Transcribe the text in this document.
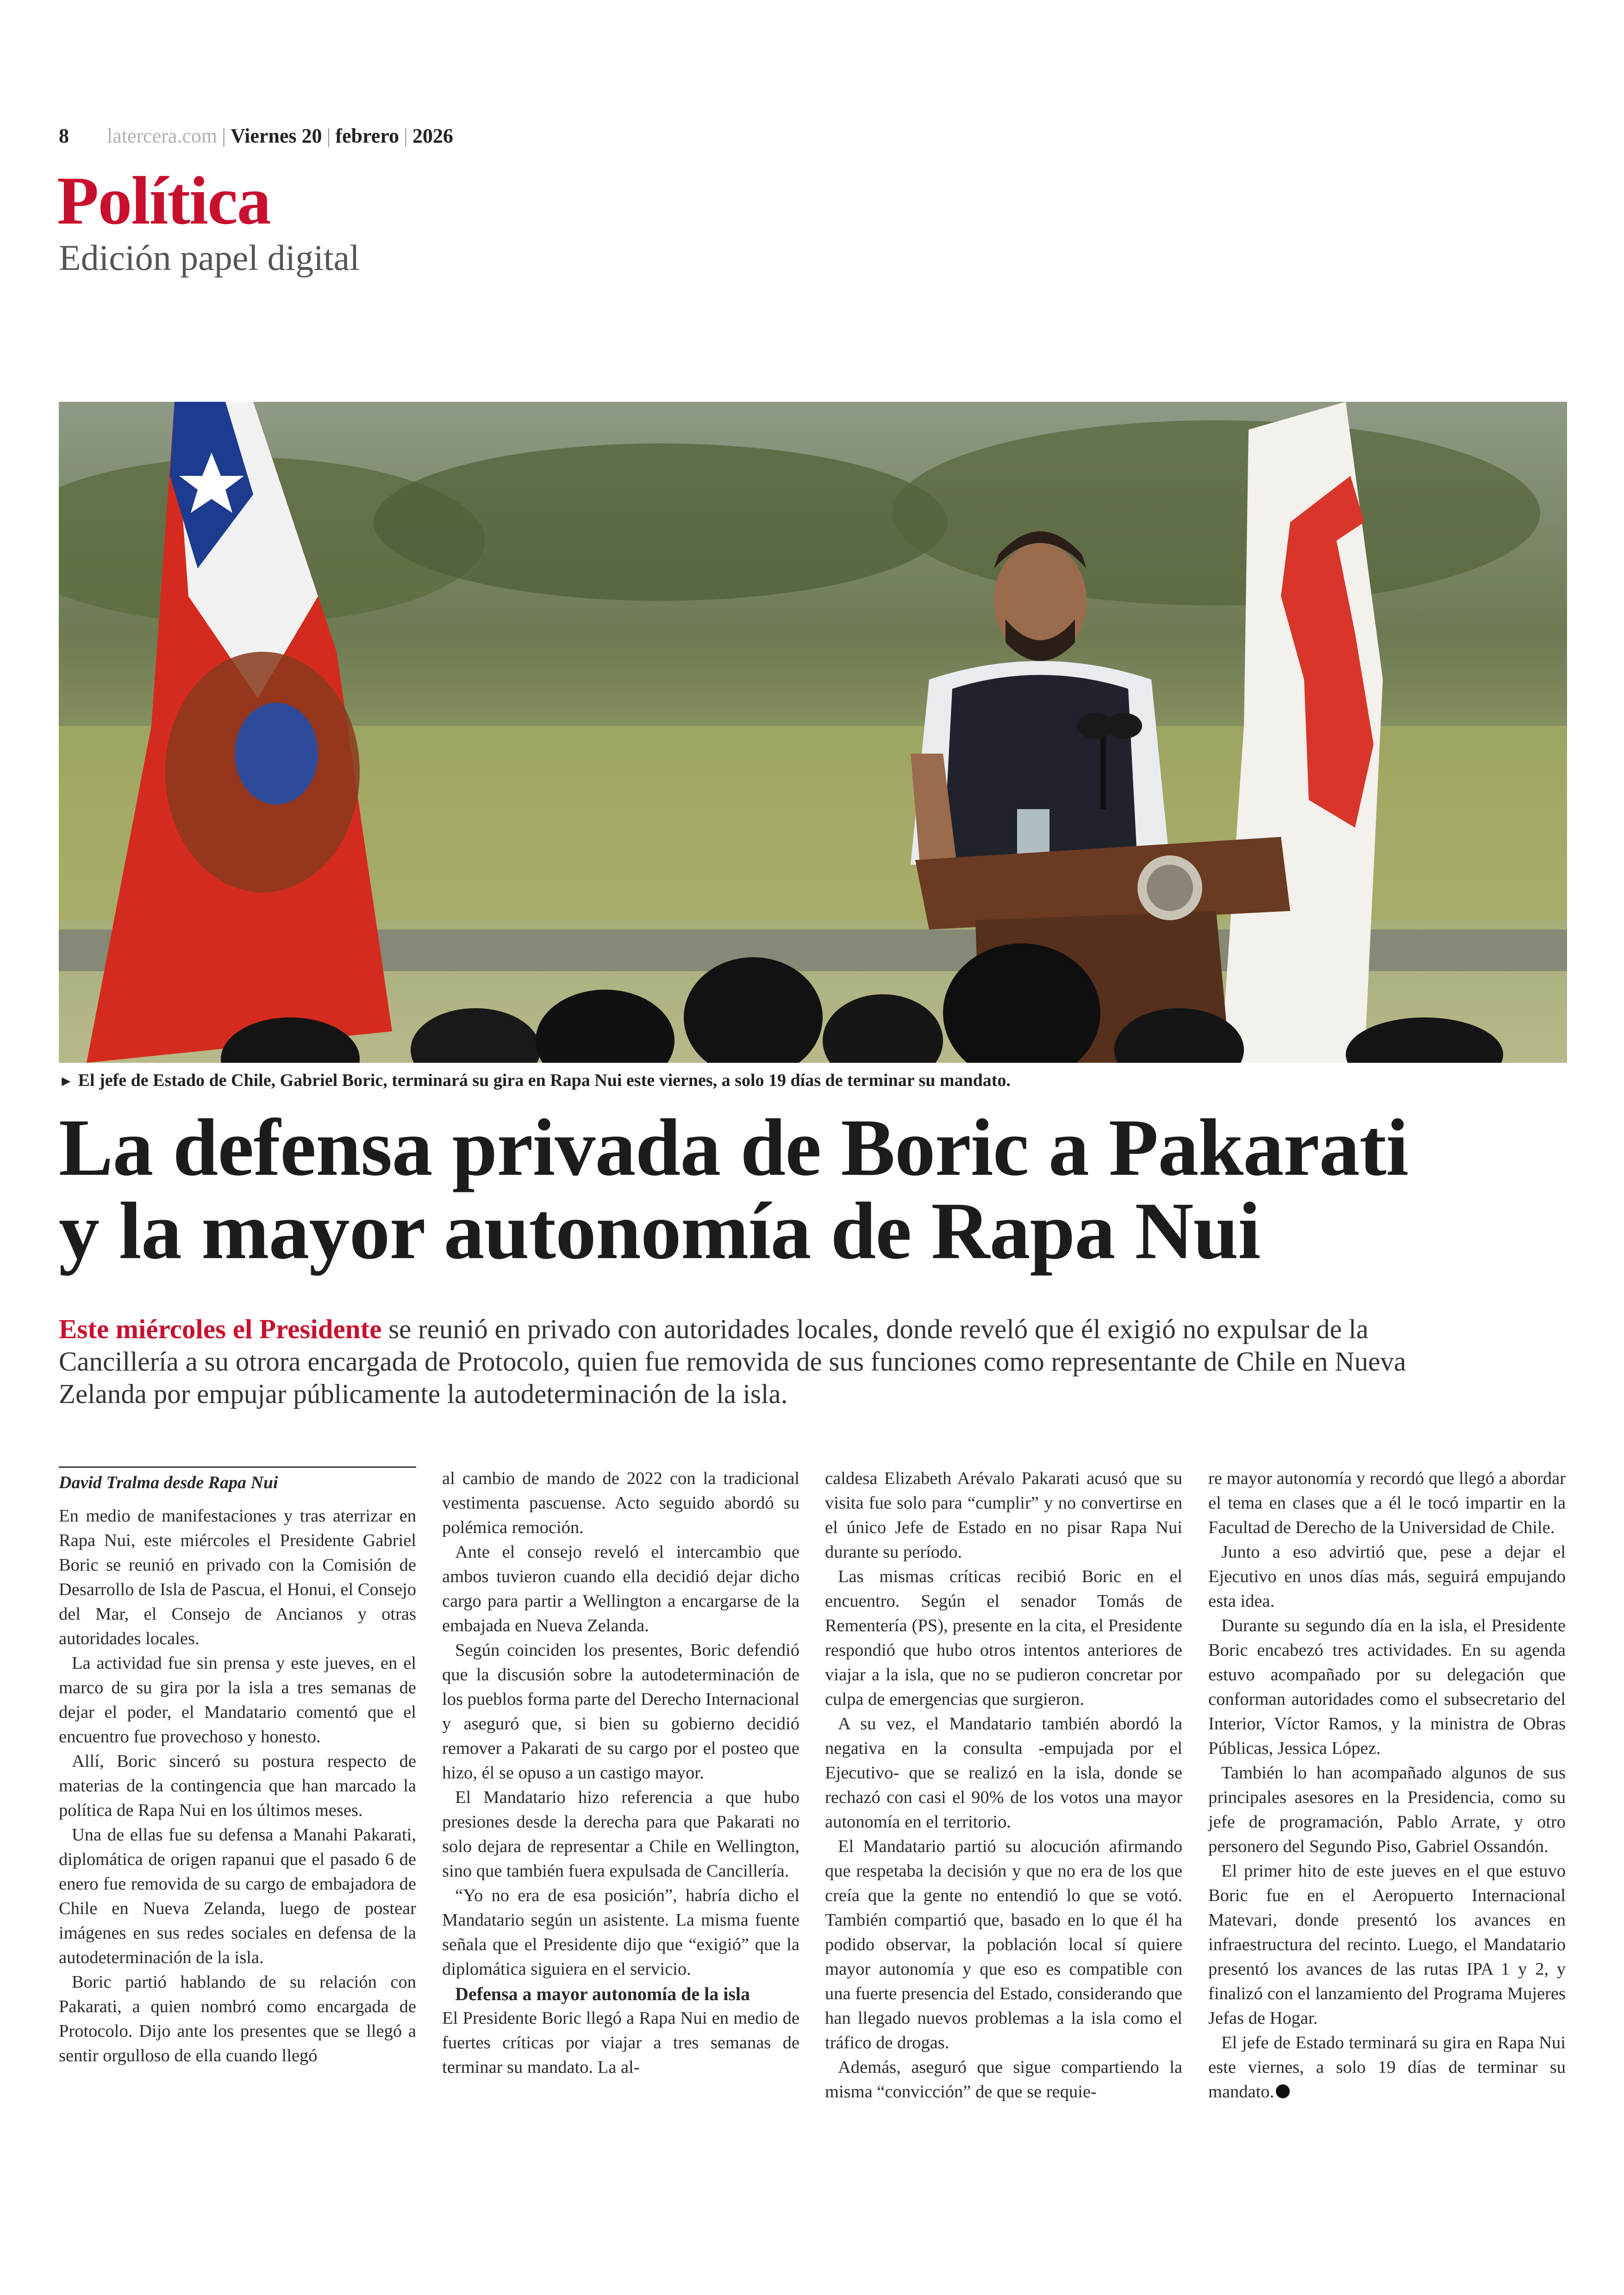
8 latercera.com | Viernes 20 | febrero | 2026
Política
Edición papel digital
► El jefe de Estado de Chile, Gabriel Boric, terminará su gira en Rapa Nui este viernes, a solo 19 días de terminar su mandato.
La defensa privada de Boric a Pakarati
y la mayor autonomía de Rapa Nui
Este miércoles el Presidente se reunió en privado con autoridades locales, donde reveló que él exigió no expulsar de la Cancillería a su otrora encargada de Protocolo, quien fue removida de sus funciones como representante de Chile en Nueva Zelanda por empujar públicamente la autodeterminación de la isla.
David Tralma desde Rapa Nui

En medio de manifestaciones y tras aterrizar en Rapa Nui, este miércoles el Presidente Gabriel Boric se reunió en privado con la Comisión de Desarrollo de Isla de Pascua, el Honui, el Consejo del Mar, el Consejo de Ancianos y otras autoridades locales.

La actividad fue sin prensa y este jueves, en el marco de su gira por la isla a tres semanas de dejar el poder, el Mandatario comentó que el encuentro fue provechoso y honesto.

Allí, Boric sinceró su postura respecto de materias de la contingencia que han marcado la política de Rapa Nui en los últimos meses.

Una de ellas fue su defensa a Manahi Pakarati, diplomática de origen rapanui que el pasado 6 de enero fue removida de su cargo de embajadora de Chile en Nueva Zelanda, luego de postear imágenes en sus redes sociales en defensa de la autodeterminación de la isla.

Boric partió hablando de su relación con Pakarati, a quien nombró como encargada de Protocolo. Dijo ante los presentes que se llegó a sentir orgulloso de ella cuando llegó

al cambio de mando de 2022 con la tradicional vestimenta pascuense. Acto seguido abordó su polémica remoción.

Ante el consejo reveló el intercambio que ambos tuvieron cuando ella decidió dejar dicho cargo para partir a Wellington a encargarse de la embajada en Nueva Zelanda.

Según coinciden los presentes, Boric defendió que la discusión sobre la autodeterminación de los pueblos forma parte del Derecho Internacional y aseguró que, si bien su gobierno decidió remover a Pakarati de su cargo por el posteo que hizo, él se opuso a un castigo mayor.

El Mandatario hizo referencia a que hubo presiones desde la derecha para que Pakarati no solo dejara de representar a Chile en Wellington, sino que también fuera expulsada de Cancillería.

“Yo no era de esa posición”, habría dicho el Mandatario según un asistente. La misma fuente señala que el Presidente dijo que “exigió” que la diplomática siguiera en el servicio.

Defensa a mayor autonomía de la isla

El Presidente Boric llegó a Rapa Nui en medio de fuertes críticas por viajar a tres semanas de terminar su mandato. La al-

caldesa Elizabeth Arévalo Pakarati acusó que su visita fue solo para “cumplir” y no convertirse en el único Jefe de Estado en no pisar Rapa Nui durante su período.

Las mismas críticas recibió Boric en el encuentro. Según el senador Tomás de Rementería (PS), presente en la cita, el Presidente respondió que hubo otros intentos anteriores de viajar a la isla, que no se pudieron concretar por culpa de emergencias que surgieron.

A su vez, el Mandatario también abordó la negativa en la consulta -empujada por el Ejecutivo- que se realizó en la isla, donde se rechazó con casi el 90% de los votos una mayor autonomía en el territorio.

El Mandatario partió su alocución afirmando que respetaba la decisión y que no era de los que creía que la gente no entendió lo que se votó. También compartió que, basado en lo que él ha podido observar, la población local sí quiere mayor autonomía y que eso es compatible con una fuerte presencia del Estado, considerando que han llegado nuevos problemas a la isla como el tráfico de drogas.

Además, aseguró que sigue compartiendo la misma “convicción” de que se requie-

re mayor autonomía y recordó que llegó a abordar el tema en clases que a él le tocó impartir en la Facultad de Derecho de la Universidad de Chile.

Junto a eso advirtió que, pese a dejar el Ejecutivo en unos días más, seguirá empujando esta idea.

Durante su segundo día en la isla, el Presidente Boric encabezó tres actividades. En su agenda estuvo acompañado por su delegación que conforman autoridades como el subsecretario del Interior, Víctor Ramos, y la ministra de Obras Públicas, Jessica López.

También lo han acompañado algunos de sus principales asesores en la Presidencia, como su jefe de programación, Pablo Arrate, y otro personero del Segundo Piso, Gabriel Ossandón.

El primer hito de este jueves en el que estuvo Boric fue en el Aeropuerto Internacional Matevari, donde presentó los avances en infraestructura del recinto. Luego, el Mandatario presentó los avances de las rutas IPA 1 y 2, y finalizó con el lanzamiento del Programa Mujeres Jefas de Hogar.

El jefe de Estado terminará su gira en Rapa Nui este viernes, a solo 19 días de terminar su mandato.
